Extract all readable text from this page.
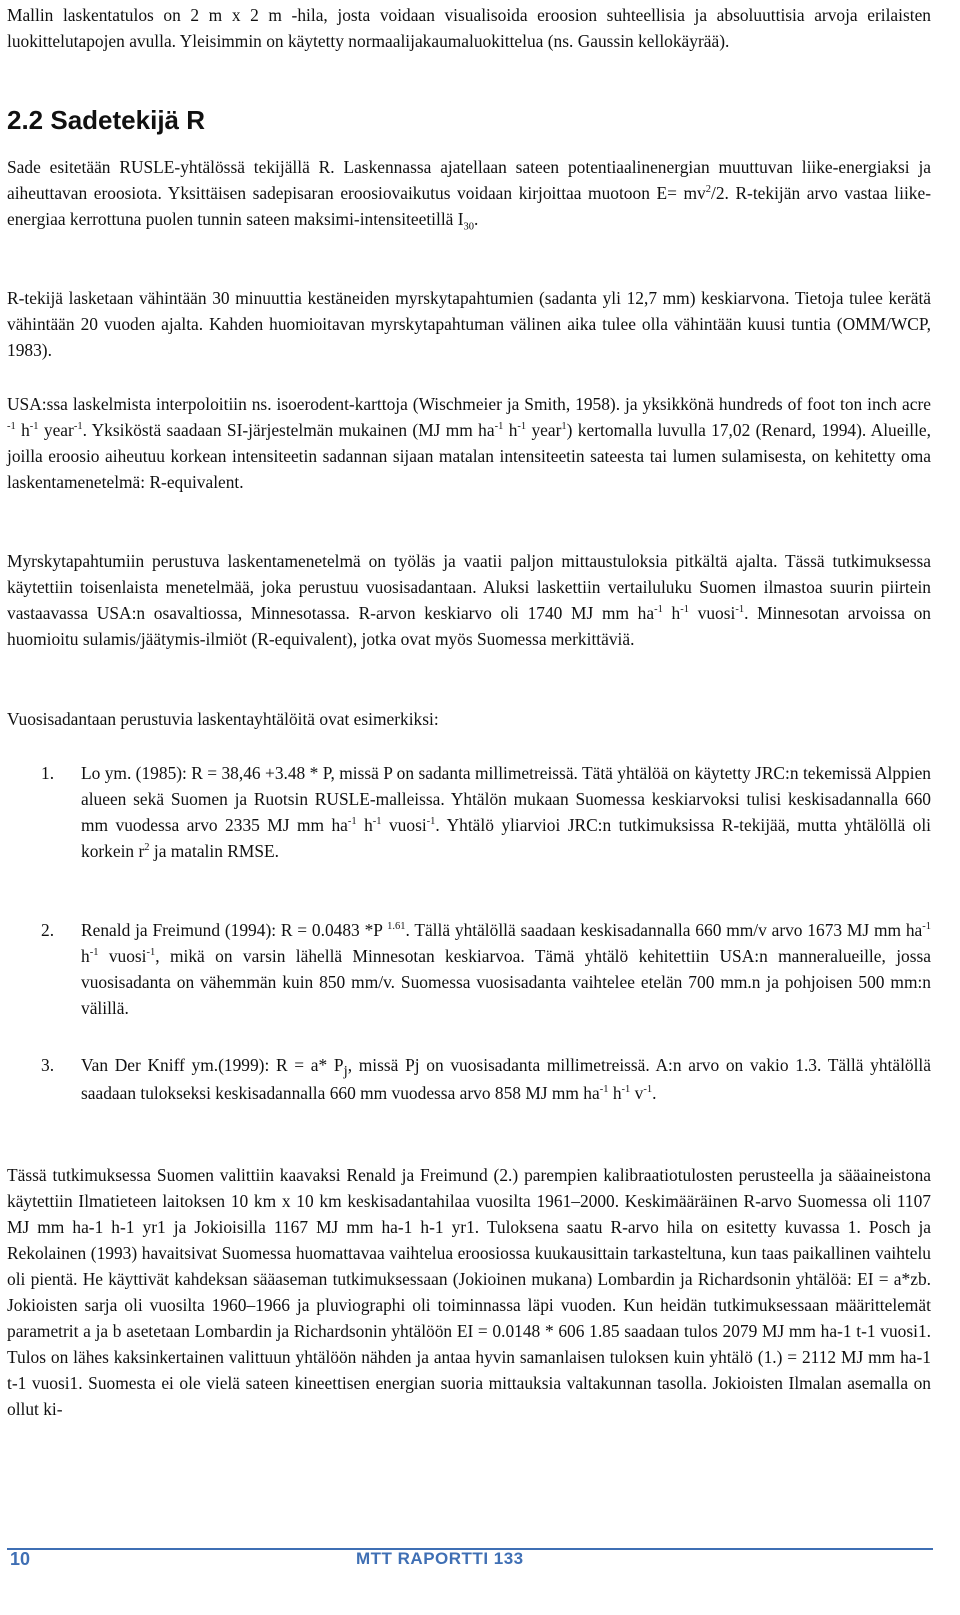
Mallin laskentatulos on 2 m x 2 m -hila, josta voidaan visualisoida eroosion suhteellisia ja absoluuttisia arvoja erilaisten luokittelutapojen avulla. Yleisimmin on käytetty normaalijakaumaluokittelua (ns. Gaussin kellokäyrää).

2.2 Sadetekijä R

Sade esitetään RUSLE-yhtälössä tekijällä R. Laskennassa ajatellaan sateen potentiaalinenergian muuttuvan liike-energiaksi ja aiheuttavan eroosiota. Yksittäisen sadepisaran eroosiovaikutus voidaan kirjoittaa muotoon $E= mv^2/2$. R-tekijän arvo vastaa liike-energiaa kerrottuna puolen tunnin sateen maksimi-intensiteetillä $I_{30}$.

R-tekijä lasketaan vähintään 30 minuuttia kestäneiden myrskytapahtumien (sadanta yli 12,7 mm) keskiarvona. Tietoja tulee kerätä vähintään 20 vuoden ajalta. Kahden huomioitavan myrskytapahtuman välinen aika tulee olla vähintään kuusi tuntia (OMM/WCP, 1983).

USA:ssa laskelmista interpoloitiin ns. isoerodent-karttoja (Wischmeier ja Smith, 1958). ja yksikkönä hundreds of foot ton inch acre $^{-1}$ $h^{-1}$ year$^{-1}$. Yksiköstä saadaan SI-järjestelmän mukainen (MJ mm $ha^{-1}$ $h^{-1}$ year$^1$) kertomalla luvulla 17,02 (Renard, 1994). Alueille, joilla eroosio aiheutuu korkean intensiteetin sadannan sijaan matalan intensiteetin sateesta tai lumen sulamisesta, on kehitetty oma laskentamenetelmä: R-equivalent.

Myrskytapahtumiin perustuva laskentamenetelmä on työläs ja vaatii paljon mittaustuloksia pitkältä ajalta. Tässä tutkimuksessa käytettiin toisenlaista menetelmää, joka perustuu vuosisadantaan. Aluksi laskettiin vertailuluku Suomen ilmastoa suurin piirtein vastaavassa USA:n osavaltiossa, Minnesotassa. R-arvon keskiarvo oli 1740 MJ mm $ha^{-1}$ $h^{-1}$ vuosi$^{-1}$. Minnesotan arvoissa on huomioitu sulamis/jäätymis-ilmiöt (R-equivalent), jotka ovat myös Suomessa merkittäviä.

Vuosisadantaan perustuvia laskentayhtälöitä ovat esimerkiksi:

1. Lo ym. (1985): R = 38,46 +3.48 * P, missä P on sadanta millimetreissä. Tätä yhtälöä on käytetty JRC:n tekemissä Alppien alueen sekä Suomen ja Ruotsin RUSLE-malleissa. Yhtälön mukaan Suomessa keskiarvoksi tulisi keskisadannalla 660 mm vuodessa arvo 2335 MJ mm $ha^{-1}$ $h^{-1}$ vuosi$^{-1}$. Yhtälö yliarvioi JRC:n tutkimuksissa R-tekijää, mutta yhtälöllä oli korkein $r^2$ ja matalin RMSE.
2. Renald ja Freimund (1994): R = 0.0483 *P $^{1.61}$. Tällä yhtälöllä saadaan keskisadannalla 660 mm/v arvo 1673 MJ mm $ha^{-1}$ $h^{-1}$ vuosi$^{-1}$, mikä on varsin lähellä Minnesotan keskiarvoa. Tämä yhtälö kehitettiin USA:n manneralueille, jossa vuosisadanta on vähemmän kuin 850 mm/v. Suomessa vuosisadanta vaihtelee etelän 700 mm.n ja pohjoisen 500 mm:n välillä.
3. Van Der Kniff ym.(1999): R = a* $P_j$, missä Pj on vuosisadanta millimetreissä. A:n arvo on vakio 1.3. Tällä yhtälöllä saadaan tulokseksi keskisadannalla 660 mm vuodessa arvo 858 MJ mm $ha^{-1}$ $h^{-1}$ $v^{-1}$.

Tässä tutkimuksessa Suomen valittiin kaavaksi Renald ja Freimund (2.) parempien kalibraatiotulosten perusteella ja sääaineistona käytettiin Ilmatieteen laitoksen 10 km x 10 km keskisadantahilaa vuosilta 1961–2000. Keskimääräinen R-arvo Suomessa oli 1107 MJ mm ha-1 h-1 yr1 ja Jokioisilla 1167 MJ mm ha-1 h-1 yr1. Tuloksena saatu R-arvo hila on esitetty kuvassa 1. Posch ja Rekolainen (1993) havaitsivat Suomessa huomattavaa vaihtelua eroosiossa kuukausittain tarkasteltuna, kun taas paikallinen vaihtelu oli pientä. He käyttivät kahdeksan sääaseman tutkimuksessaan (Jokioinen mukana) Lombardin ja Richardsonin yhtälöä: EI = a*zb. Jokioisten sarja oli vuosilta 1960–1966 ja pluviographi oli toiminnassa läpi vuoden. Kun heidän tutkimuksessaan määrittelemät parametrit a ja b asetetaan Lombardin ja Richardsonin yhtälöön EI = 0.0148 * 606 1.85 saadaan tulos 2079 MJ mm ha-1 t-1 vuosi1. Tulos on lähes kaksinkertainen valittuun yhtälöön nähden ja antaa hyvin samanlaisen tuloksen kuin yhtälö (1.) = 2112 MJ mm ha-1 t-1 vuosi1. Suomesta ei ole vielä sateen kineettisen energian suoria mittauksia valtakunnan tasolla. Jokioisten Ilmalan asemalla on ollut ki-

10	MTT RAPORTTI 133
